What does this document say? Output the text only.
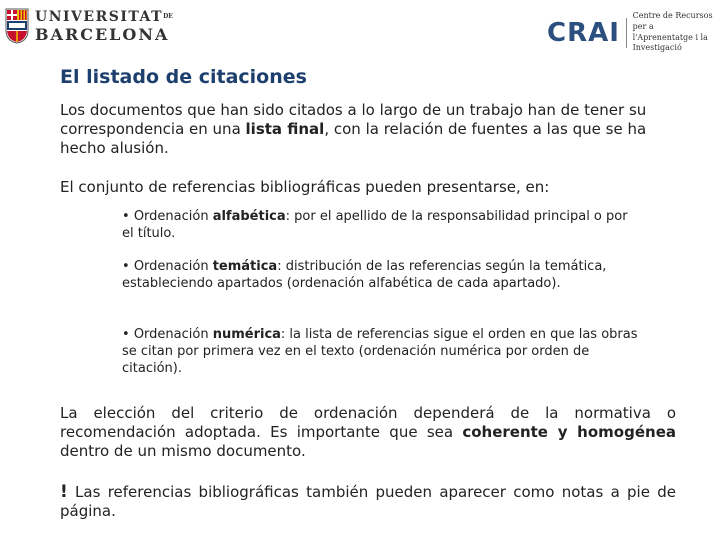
UNIVERSITATDE
BARCELONA	CRAI
Centre de Recursos per a
l'Aprenentatge i la Investigació
El listado de citaciones
Los documentos que han sido citados a lo largo de un trabajo han de tener su correspondencia en una lista final, con la relación de fuentes a las que se ha hecho alusión.
El conjunto de referencias bibliográficas pueden presentarse, en:
• Ordenación alfabética: por el apellido de la responsabilidad principal o por el título.
• Ordenación temática: distribución de las referencias según la temática, estableciendo apartados (ordenación alfabética de cada apartado).
• Ordenación numérica: la lista de referencias sigue el orden en que las obras se citan por primera vez en el texto (ordenación numérica por orden de citación).
La elección del criterio de ordenación dependerá de la normativa o recomendación adoptada. Es importante que sea coherente y homogénea dentro de un mismo documento.
! Las referencias bibliográficas también pueden aparecer como notas a pie de página.
